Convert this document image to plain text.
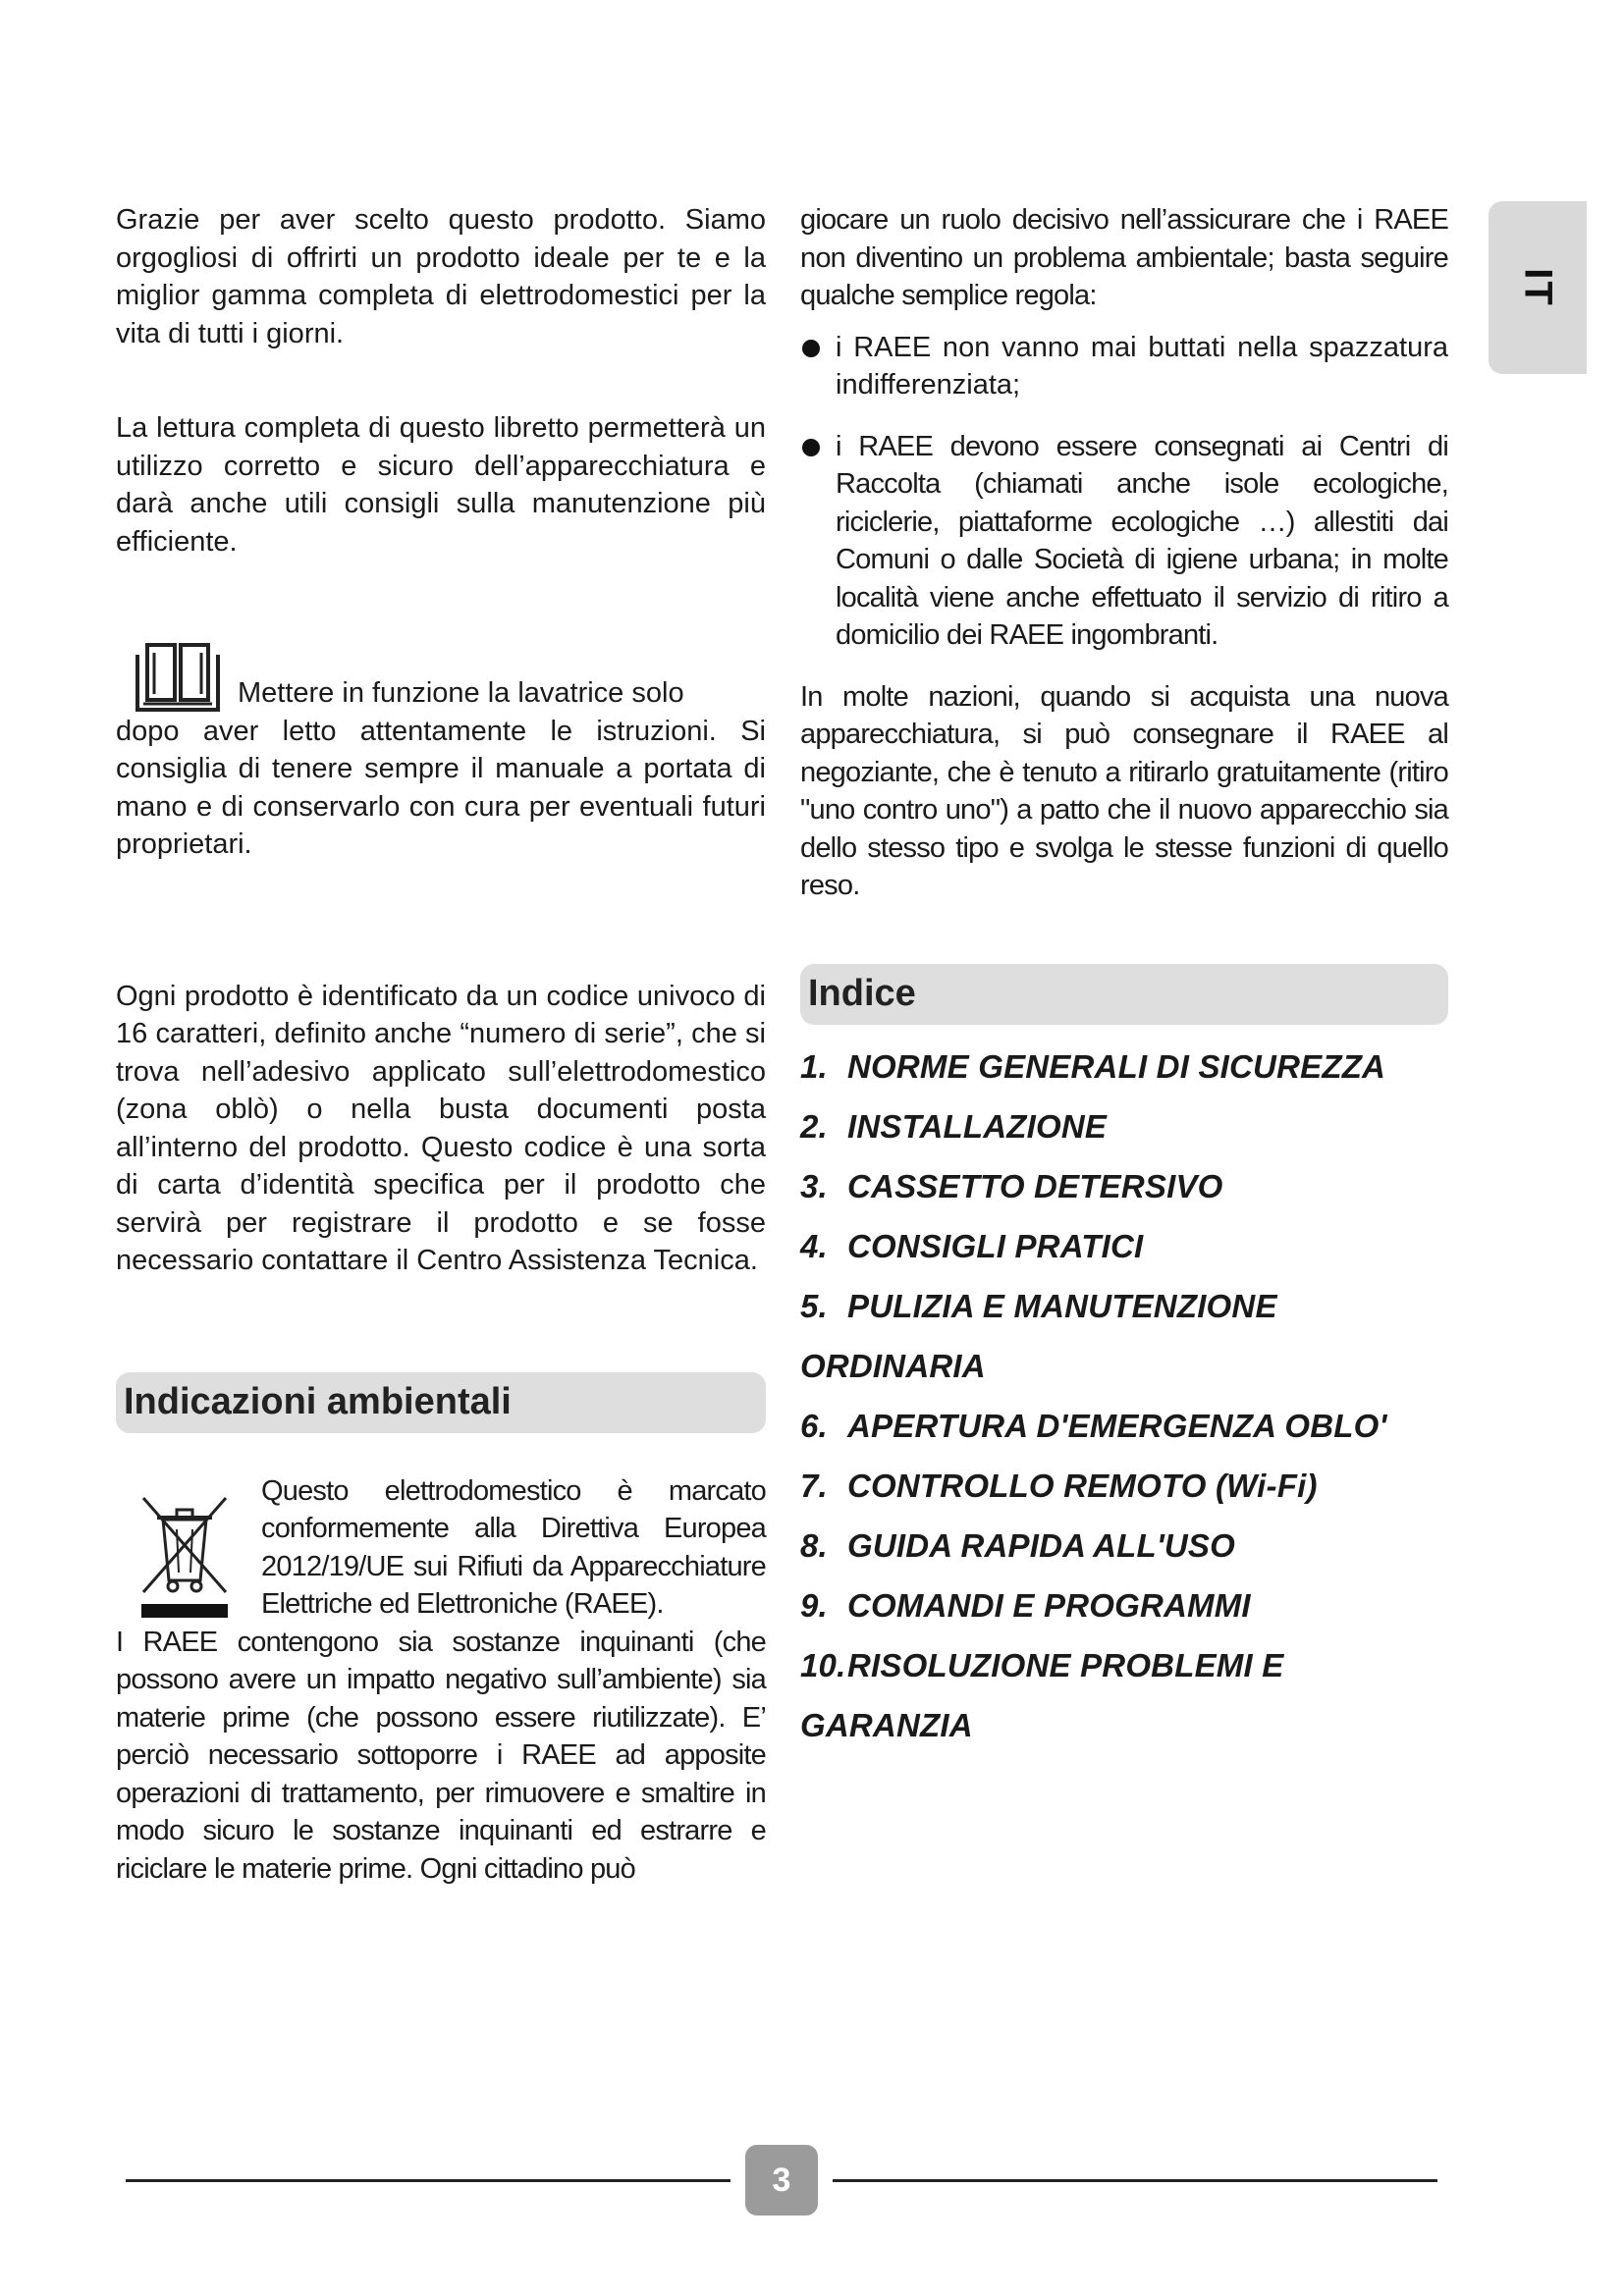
IT

Grazie per aver scelto questo prodotto. Siamo orgogliosi di offrirti un prodotto ideale per te e la miglior gamma completa di elettrodomestici per la vita di tutti i giorni.

La lettura completa di questo libretto permetterà un utilizzo corretto e sicuro dell’apparecchiatura e darà anche utili consigli sulla manutenzione più efficiente.

Mettere in funzione la lavatrice solo

dopo aver letto attentamente le istruzioni. Si consiglia di tenere sempre il manuale a portata di mano e di conservarlo con cura per eventuali futuri proprietari.

Ogni prodotto è identificato da un codice univoco di 16 caratteri, definito anche “numero di serie”, che si trova nell’adesivo applicato sull’elettrodomestico (zona oblò) o nella busta documenti posta all’interno del prodotto. Questo codice è una sorta di carta d’identità specifica per il prodotto che servirà per registrare il prodotto e se fosse necessario contattare il Centro Assistenza Tecnica.

Indicazioni ambientali

Questo elettrodomestico è marcato conformemente alla Direttiva Europea 2012/19/UE sui Rifiuti da Apparecchiature Elettriche ed Elettroniche (RAEE).

I RAEE contengono sia sostanze inquinanti (che possono avere un impatto negativo sull’ambiente) sia materie prime (che possono essere riutilizzate). E’ perciò necessario sottoporre i RAEE ad apposite operazioni di trattamento, per rimuovere e smaltire in modo sicuro le sostanze inquinanti ed estrarre e riciclare le materie prime. Ogni cittadino può

giocare un ruolo decisivo nell’assicurare che i RAEE non diventino un problema ambientale; basta seguire qualche semplice regola:

i RAEE non vanno mai buttati nella spazzatura indifferenziata;

i RAEE devono essere consegnati ai Centri di Raccolta (chiamati anche isole ecologiche, riciclerie, piattaforme ecologiche …) allestiti dai Comuni o dalle Società di igiene urbana; in molte località viene anche effettuato il servizio di ritiro a domicilio dei RAEE ingombranti.

In molte nazioni, quando si acquista una nuova apparecchiatura, si può consegnare il RAEE al negoziante, che è tenuto a ritirarlo gratuitamente (ritiro "uno contro uno") a patto che il nuovo apparecchio sia dello stesso tipo e svolga le stesse funzioni di quello reso.

Indice
1. NORME GENERALI DI SICUREZZA
2. INSTALLAZIONE
3. CASSETTO DETERSIVO
4. CONSIGLI PRATICI
5. PULIZIA E MANUTENZIONE ORDINARIA
6. APERTURA D'EMERGENZA OBLO'
7. CONTROLLO REMOTO (Wi-Fi)
8. GUIDA RAPIDA ALL'USO
9. COMANDI E PROGRAMMI
10.RISOLUZIONE PROBLEMI E GARANZIA
3
